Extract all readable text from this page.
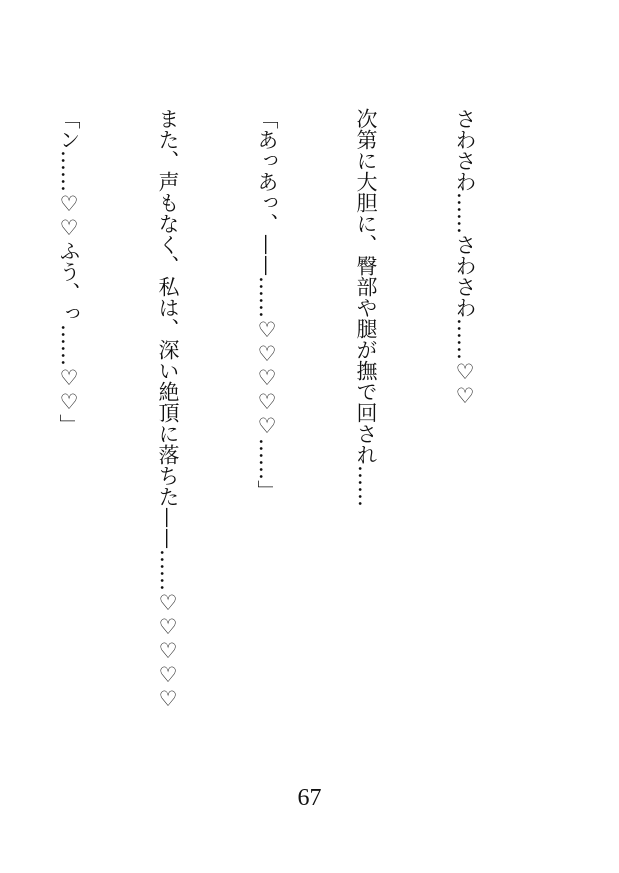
さわさわ……さわさわ……♡♡

次第に大胆に、臀部や腿が撫で回され……

「あっあっ、——……♡♡♡♡♡……」

また、声もなく、私は、深い絶頂に落ちた——……♡♡♡♡♡

「ン……♡♡ふう、っ……♡♡」

67
